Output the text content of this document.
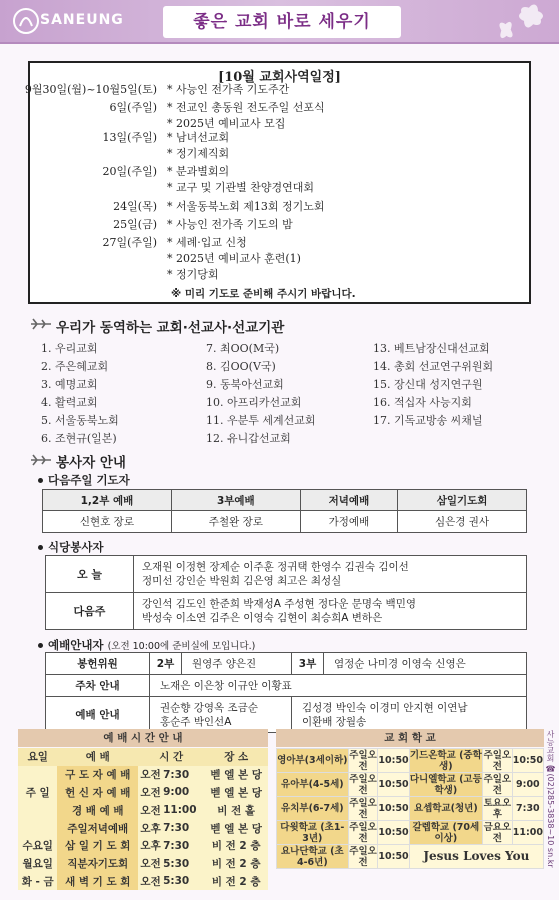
SANEUNG	좋은 교회 바로 세우기
[10월 교회사역일정]
9월30일(월)~10월5일(토)	* 사능인 전가족 기도주간
6일(주일)	* 전교인 총동원 전도주일 선포식
* 2025년 예비교사 모집
13일(주일)	* 남녀선교회
* 정기제직회
20일(주일)	* 분과별회의
* 교구 및 기관별 찬양경연대회
24일(목)	* 서울동북노회 제13회 정기노회
25일(금)	* 사능인 전가족 기도의 밤
27일(주일)	* 세례·입교 신청
* 2025년 예비교사 훈련(1)
* 정기당회
※ 미리 기도로 준비해 주시기 바랍니다.
우리가 동역하는 교회·선교사·선교기관
1. 우리교회
2. 주은혜교회
3. 예명교회
4. 활력교회
5. 서울동북노회
6. 조현규(일본)
7. 최OO(M국)
8. 김OO(V국)
9. 동북아선교회
10. 아프리카선교회
11. 우분투 세계선교회
12. 유니갑선교회
13. 베트남장신대선교회
14. 총회 선교연구위원회
15. 장신대 성지연구원
16. 적십자 사능지회
17. 기독교방송 씨채널
봉사자 안내
다음주일 기도자
1,2부 예배	3부예배	저녁예배	삼일기도회
신현호 장로	주철완 장로	가정예배	심은경 권사
식당봉사자
오 늘	오재원 이정현 장제순 이주훈 정귀택 한영수 김권숙 김이선
정미선 강인순 박원희 김은영 최고은 최성실

다음주	강인석 김도인 한준희 박재성A 주성현 정다운 문명숙 백민영
박성숙 이소연 김주은 이영숙 김현이 최승희A 변하은
예배안내자 (오전 10:00에 준비실에 모입니다.)
봉헌위원	2부	원영주 양은진	3부	염정순 나미경 이영숙 신영은
주차 안내	노재은 이은창 이규안 이황표			
예배 안내	권순향 강영옥 조금순
홍순주 박인선A		김성경 박인숙 이경미 안지현 이연남
이환배 장월송	
예 배 시 간 안 내
요일	예 배	시 간		장 소
	구 도 자 예 배	오전	7:30	벧 엘 본 당
주 일	헌 신 자 예 배	오전	9:00	벧 엘 본 당
	경 배 예 배	오전	11:00	비 전 홀
	주일저녁예배	오후	7:30	벧 엘 본 당
수요일	삼 일 기 도 회	오후	7:30	비 전 2 층
월요일	직분자기도회	오전	5:30	비 전 2 층
화 - 금	새 벽 기 도 회	오전	5:30	비 전 2 층
교 회 학 교
영아부(3세이하)	주일오전	10:50	기드온학교 (중학생)	주일오전	10:50
유아부(4-5세)	주일오전	10:50	다니엘학교 (고등학생)	주일오전	9:00
유치부(6-7세)	주일오전	10:50	요셉학교(청년)	토요오후	7:30
다윗학교 (초1-3년)	주일오전	10:50	갈렙학교 (70세이상)	금요오전	11:00
요나단학교 (초4-6년)	주일오전	10:50	Jesus Loves You		사능교회 ☎(02)285-3838~10 sn.kr
